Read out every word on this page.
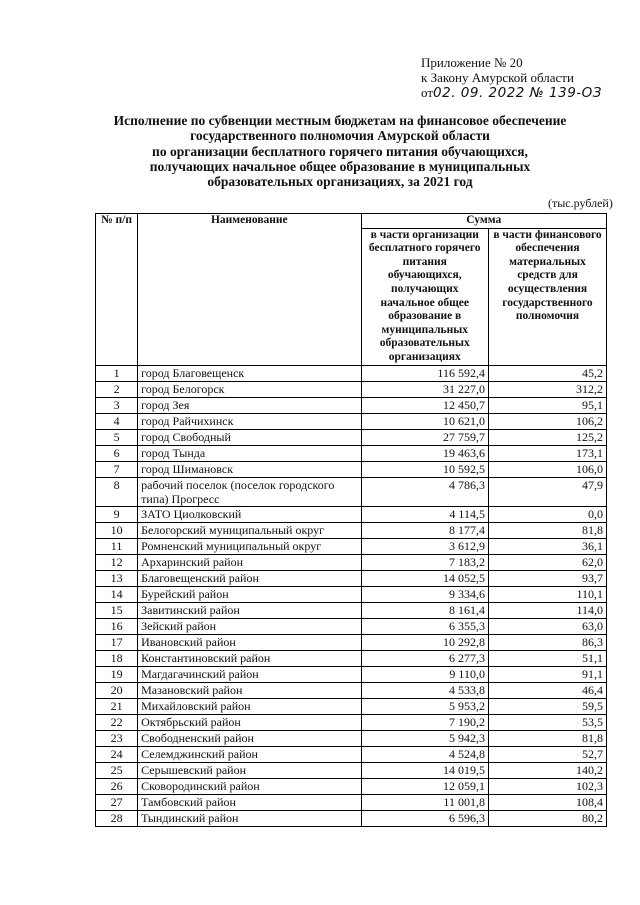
Приложение № 20
к Закону Амурской области
от02. 09. 2022 № 139-ОЗ
Исполнение по субвенции местным бюджетам на финансовое обеспечение
государственного полномочия Амурской области
по организации бесплатного горячего питания обучающихся,
получающих начальное общее образование в муниципальных
образовательных организациях, за 2021 год
(тыс.рублей)
№ п/п	Наименование	Сумма	
		в части организации бесплатного горячего питания обучающихся, получающих начальное общее образование в муниципальных образовательных организациях	в части финансового обеспечения материальных средств для осуществления государственного полномочия
1	город Благовещенск	116 592,4	45,2
2	город Белогорск	31 227,0	312,2
3	город Зея	12 450,7	95,1
4	город Райчихинск	10 621,0	106,2
5	город Свободный	27 759,7	125,2
6	город Тында	19 463,6	173,1
7	город Шимановск	10 592,5	106,0
8	рабочий поселок (поселок городского типа) Прогресс	4 786,3	47,9
9	ЗАТО Циолковский	4 114,5	0,0
10	Белогорский муниципальный округ	8 177,4	81,8
11	Ромненский муниципальный округ	3 612,9	36,1
12	Архаринский район	7 183,2	62,0
13	Благовещенский район	14 052,5	93,7
14	Бурейский район	9 334,6	110,1
15	Завитинский район	8 161,4	114,0
16	Зейский район	6 355,3	63,0
17	Ивановский район	10 292,8	86,3
18	Константиновский район	6 277,3	51,1
19	Магдагачинский район	9 110,0	91,1
20	Мазановский район	4 533,8	46,4
21	Михайловский район	5 953,2	59,5
22	Октябрьский район	7 190,2	53,5
23	Свободненский район	5 942,3	81,8
24	Селемджинский район	4 524,8	52,7
25	Серышевский район	14 019,5	140,2
26	Сковородинский район	12 059,1	102,3
27	Тамбовский район	11 001,8	108,4
28	Тындинский район	6 596,3	80,2
